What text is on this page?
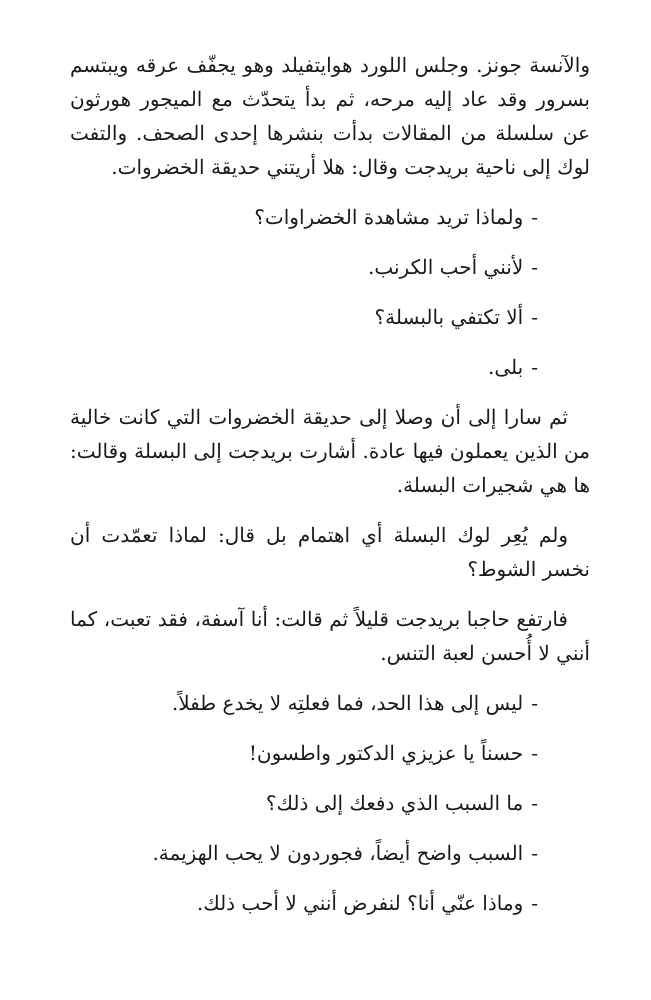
والآنسة جونز. وجلس اللورد هوايتفيلد وهو يجفّف عرقه ويبتسم بسرور وقد عاد إليه مرحه، ثم بدأ يتحدّث مع الميجور هورثون عن سلسلة من المقالات بدأت بنشرها إحدى الصحف. والتفت لوك إلى ناحية بريدجت وقال: هلا أريتني حديقة الخضروات.

-ولماذا تريد مشاهدة الخضراوات؟

-لأنني أحب الكرنب.

-ألا تكتفي بالبسلة؟

-بلى.

ثم سارا إلى أن وصلا إلى حديقة الخضروات التي كانت خالية من الذين يعملون فيها عادة. أشارت بريدجت إلى البسلة وقالت: ها هي شجيرات البسلة.

ولم يُعِر لوك البسلة أي اهتمام بل قال: لماذا تعمّدت أن نخسر الشوط؟

فارتفع حاجبا بريدجت قليلاً ثم قالت: أنا آسفة، فقد تعبت، كما أنني لا أُحسن لعبة التنس.

-ليس إلى هذا الحد، فما فعلتِه لا يخدع طفلاً.

-حسناً يا عزيزي الدكتور واطسون!

-ما السبب الذي دفعك إلى ذلك؟

-السبب واضح أيضاً، فجوردون لا يحب الهزيمة.

-وماذا عنّي أنا؟ لنفرض أنني لا أحب ذلك.
